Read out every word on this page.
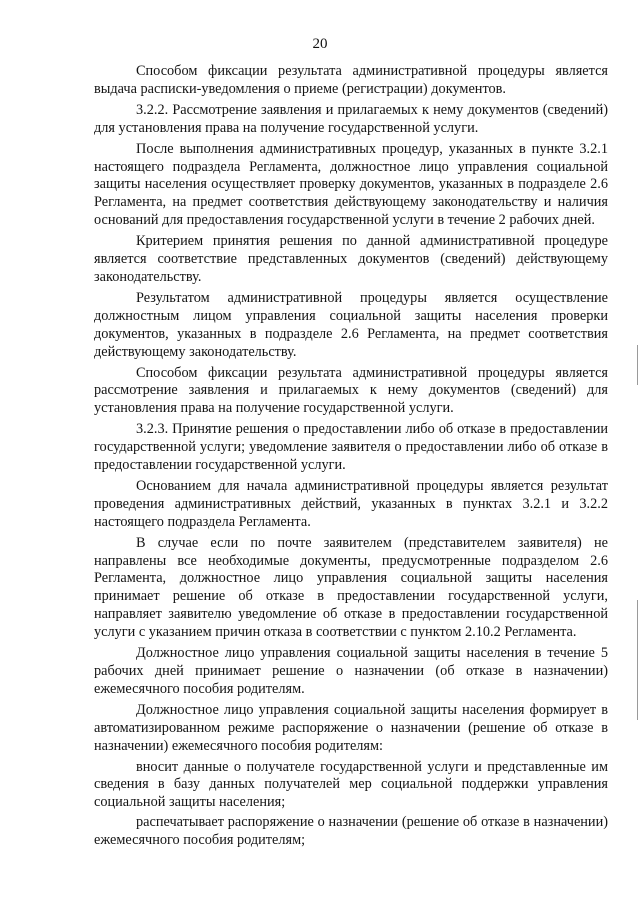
20

Способом фиксации результата административной процедуры является выдача расписки-уведомления о приеме (регистрации) документов.

3.2.2. Рассмотрение заявления и прилагаемых к нему документов (сведений) для установления права на получение государственной услуги.

После выполнения административных процедур, указанных в пункте 3.2.1 настоящего подраздела Регламента, должностное лицо управления социальной защиты населения осуществляет проверку документов, указанных в подразделе 2.6 Регламента, на предмет соответствия действующему законодательству и наличия оснований для предоставления государственной услуги в течение 2 рабочих дней.

Критерием принятия решения по данной административной процедуре является соответствие представленных документов (сведений) действующему законодательству.

Результатом административной процедуры является осуществление должностным лицом управления социальной защиты населения проверки документов, указанных в подразделе 2.6 Регламента, на предмет соответствия действующему законодательству.

Способом фиксации результата административной процедуры является рассмотрение заявления и прилагаемых к нему документов (сведений) для установления права на получение государственной услуги.

3.2.3. Принятие решения о предоставлении либо об отказе в предоставлении государственной услуги; уведомление заявителя о предоставлении либо об отказе в предоставлении государственной услуги.

Основанием для начала административной процедуры является результат проведения административных действий, указанных в пунктах 3.2.1 и 3.2.2 настоящего подраздела Регламента.

В случае если по почте заявителем (представителем заявителя) не направлены все необходимые документы, предусмотренные подразделом 2.6 Регламента, должностное лицо управления социальной защиты населения принимает решение об отказе в предоставлении государственной услуги, направляет заявителю уведомление об отказе в предоставлении государственной услуги с указанием причин отказа в соответствии с пунктом 2.10.2 Регламента.

Должностное лицо управления социальной защиты населения в течение 5 рабочих дней принимает решение о назначении (об отказе в назначении) ежемесячного пособия родителям.

Должностное лицо управления социальной защиты населения формирует в автоматизированном режиме распоряжение о назначении (решение об отказе в назначении) ежемесячного пособия родителям:

вносит данные о получателе государственной услуги и представленные им сведения в базу данных получателей мер социальной поддержки управления социальной защиты населения;

распечатывает распоряжение о назначении (решение об отказе в назначении) ежемесячного пособия родителям;
